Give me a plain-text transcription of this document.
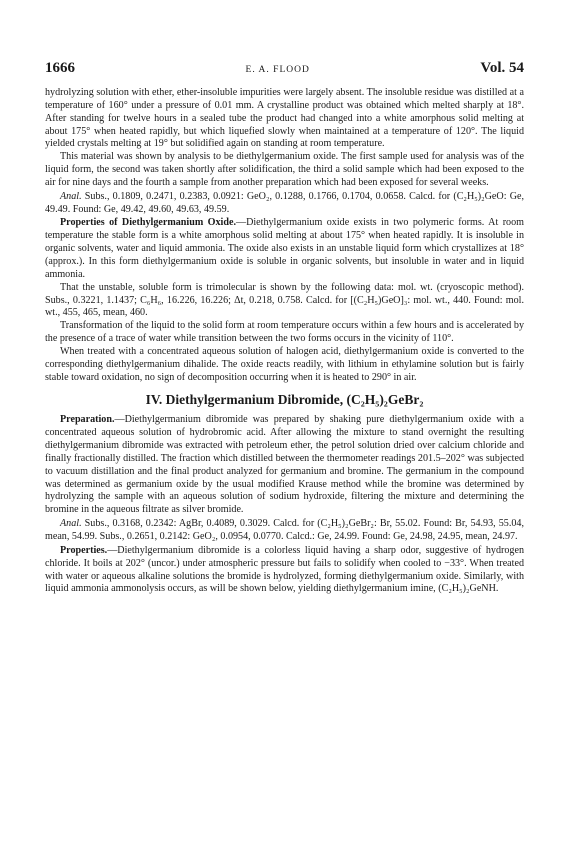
1666	E. A. FLOOD	Vol. 54

hydrolyzing solution with ether, ether-insoluble impurities were largely absent. The insoluble residue was distilled at a temperature of 160° under a pressure of 0.01 mm. A crystalline product was obtained which melted sharply at 18°. After standing for twelve hours in a sealed tube the product had changed into a white amorphous solid melting at about 175° when heated rapidly, but which liquefied slowly when maintained at a temperature of 120°. The liquid yielded crystals melting at 19° but solidified again on standing at room temperature.

This material was shown by analysis to be diethylgermanium oxide. The first sample used for analysis was of the liquid form, the second was taken shortly after solidification, the third a solid sample which had been exposed to the air for nine days and the fourth a sample from another preparation which had been exposed for several weeks.

Anal. Subs., 0.1809, 0.2471, 0.2383, 0.0921: GeO₂, 0.1288, 0.1766, 0.1704, 0.0658. Calcd. for (C₂H₅)₂GeO: Ge, 49.49. Found: Ge, 49.42, 49.60, 49.63, 49.59.

Properties of Diethylgermanium Oxide.—Diethylgermanium oxide exists in two polymeric forms. At room temperature the stable form is a white amorphous solid melting at about 175° when heated rapidly. It is insoluble in organic solvents, water and liquid ammonia. The oxide also exists in an unstable liquid form which crystallizes at 18° (approx.). In this form diethylgermanium oxide is soluble in organic solvents, but insoluble in water and in liquid ammonia.

That the unstable, soluble form is trimolecular is shown by the following data: mol. wt. (cryoscopic method). Subs., 0.3221, 1.1437; C₆H₆, 16.226, 16.226; Δt, 0.218, 0.758. Calcd. for [(C₂H₅)GeO]₃: mol. wt., 440. Found: mol. wt., 455, 465, mean, 460.

Transformation of the liquid to the solid form at room temperature occurs within a few hours and is accelerated by the presence of a trace of water while transition between the two forms occurs in the vicinity of 110°.

When treated with a concentrated aqueous solution of halogen acid, diethylgermanium oxide is converted to the corresponding diethylgermanium dihalide. The oxide reacts readily, with lithium in ethylamine solution but is fairly stable toward oxidation, no sign of decomposition occurring when it is heated to 290° in air.

IV. Diethylgermanium Dibromide, (C₂H₅)₂GeBr₂

Preparation.—Diethylgermanium dibromide was prepared by shaking pure diethylgermanium oxide with a concentrated aqueous solution of hydrobromic acid. After allowing the mixture to stand overnight the resulting diethylgermanium dibromide was extracted with petroleum ether, the petrol solution dried over calcium chloride and finally fractionally distilled. The fraction which distilled between the thermometer readings 201.5–202° was subjected to vacuum distillation and the final product analyzed for germanium and bromine. The germanium in the compound was determined as germanium oxide by the usual modified Krause method while the bromine was determined by hydrolyzing the sample with an aqueous solution of sodium hydroxide, filtering the mixture and determining the bromine in the aqueous filtrate as silver bromide.

Anal. Subs., 0.3168, 0.2342: AgBr, 0.4089, 0.3029. Calcd. for (C₂H₅)₂GeBr₂: Br, 55.02. Found: Br, 54.93, 55.04, mean, 54.99. Subs., 0.2651, 0.2142: GeO₂, 0.0954, 0.0770. Calcd.: Ge, 24.99. Found: Ge, 24.98, 24.95, mean, 24.97.

Properties.—Diethylgermanium dibromide is a colorless liquid having a sharp odor, suggestive of hydrogen chloride. It boils at 202° (uncor.) under atmospheric pressure but fails to solidify when cooled to −33°. When treated with water or aqueous alkaline solutions the bromide is hydrolyzed, forming diethylgermanium oxide. Similarly, with liquid ammonia ammonolysis occurs, as will be shown below, yielding diethylgermanium imine, (C₂H₅)₂GeNH.
